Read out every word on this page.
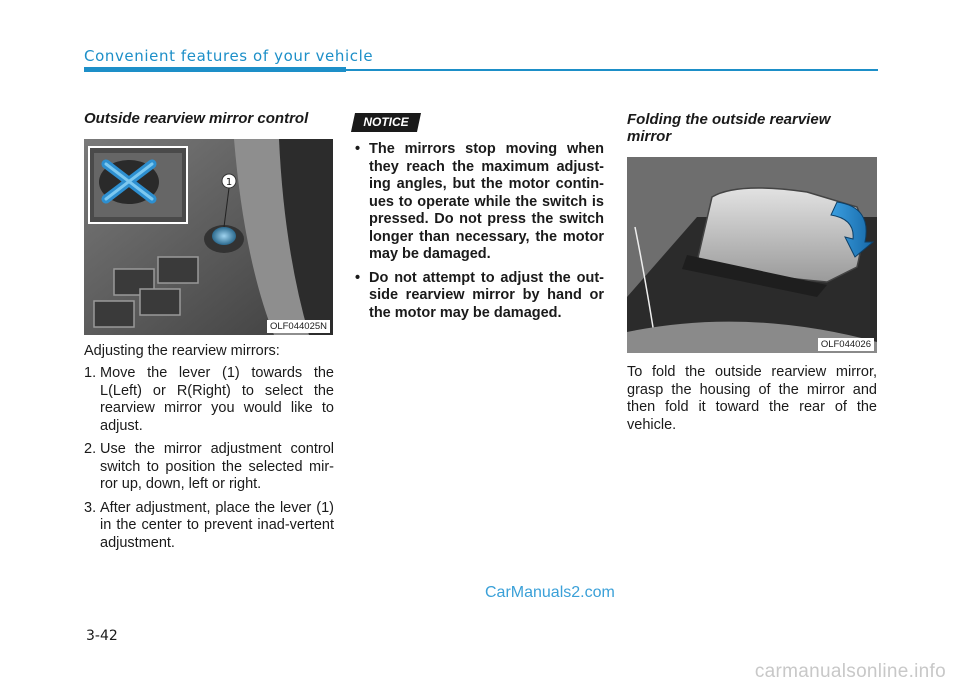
Convenient features of your vehicle
Outside rearview mirror control
1
OLF044025N
Adjusting the rearview mirrors:
1. Move the lever (1) towards the L(Left) or R(Right) to select the rearview mirror you would like to adjust.
2. Use the mirror adjustment control switch to position the selected mir-ror up, down, left or right.
3. After adjustment, place the lever (1) in the center to prevent inad-vertent adjustment.
NOTICE
• The mirrors stop moving when they reach the maximum adjust-ing angles, but the motor contin-ues to operate while the switch is pressed. Do not press the switch longer than necessary, the motor may be damaged.
• Do not attempt to adjust the out-side rearview mirror by hand or the motor may be damaged.
Folding the outside rearview mirror
OLF044026
To fold the outside rearview mirror, grasp the housing of the mirror and then fold it toward the rear of the vehicle.
CarManuals2.com
3-42
carmanualsonline.info
